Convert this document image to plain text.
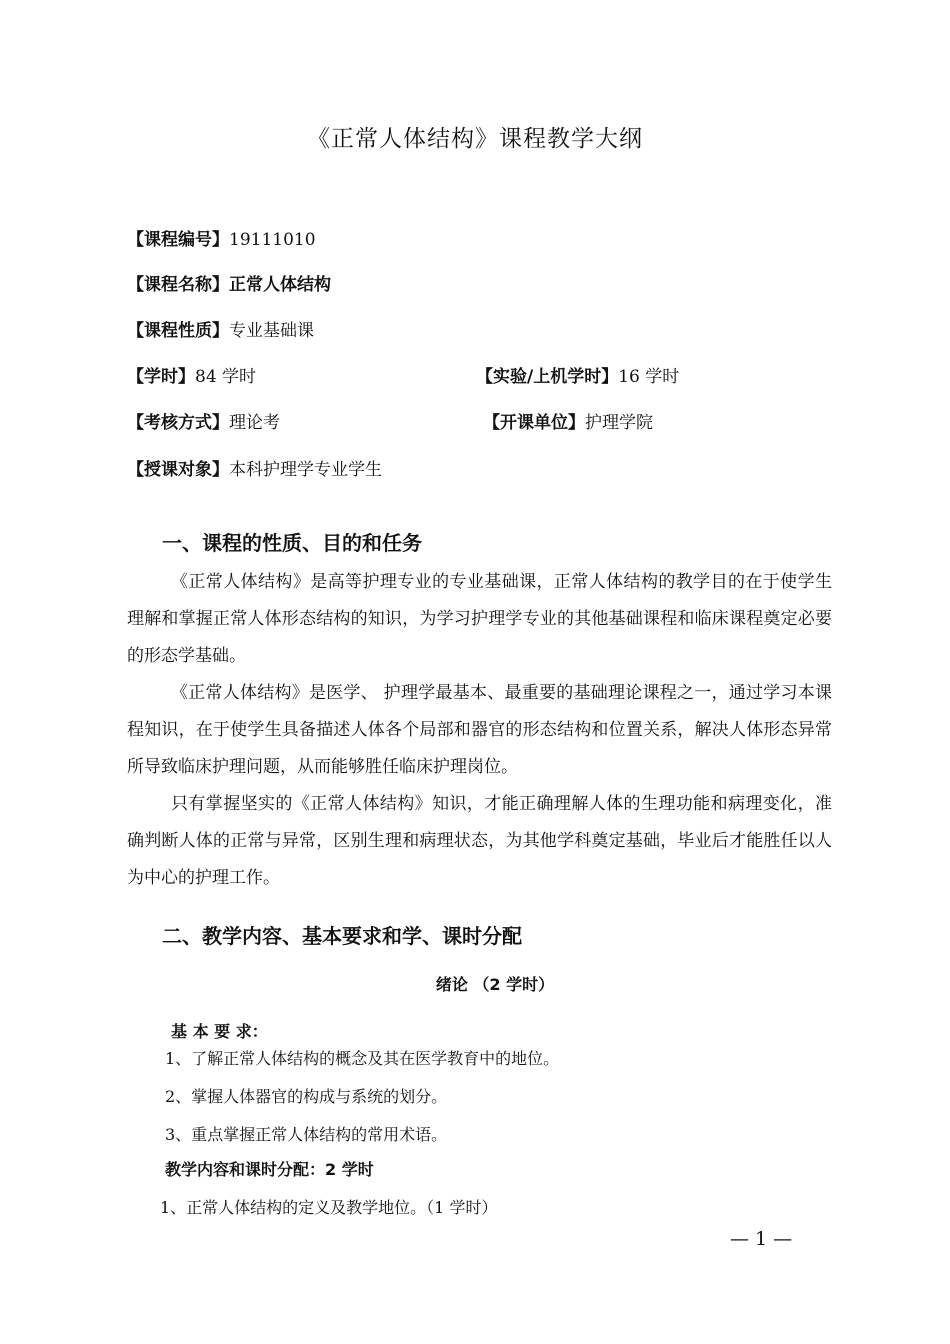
《正常人体结构》课程教学大纲
【课程编号】19111010
【课程名称】正常人体结构
【课程性质】专业基础课
【学时】84 学时	【实验/上机学时】16 学时
【考核方式】理论考	【开课单位】护理学院
【授课对象】本科护理学专业学生
一、课程的性质、目的和任务
《正常人体结构》是高等护理专业的专业基础课，正常人体结构的教学目的在于使学生理解和掌握正常人体形态结构的知识，为学习护理学专业的其他基础课程和临床课程奠定必要的形态学基础。
《正常人体结构》是医学、 护理学最基本、最重要的基础理论课程之一，通过学习本课程知识，在于使学生具备描述人体各个局部和器官的形态结构和位置关系，解决人体形态异常所导致临床护理问题，从而能够胜任临床护理岗位。
只有掌握坚实的《正常人体结构》知识，才能正确理解人体的生理功能和病理变化，准确判断人体的正常与异常，区别生理和病理状态，为其他学科奠定基础，毕业后才能胜任以人为中心的护理工作。
二、教学内容、基本要求和学、课时分配
绪论 （2 学时）
基 本 要 求：
1、了解正常人体结构的概念及其在医学教育中的地位。
2、掌握人体器官的构成与系统的划分。
3、重点掌握正常人体结构的常用术语。
教学内容和课时分配：2 学时
1、正常人体结构的定义及教学地位。（1 学时）
— 1 —
